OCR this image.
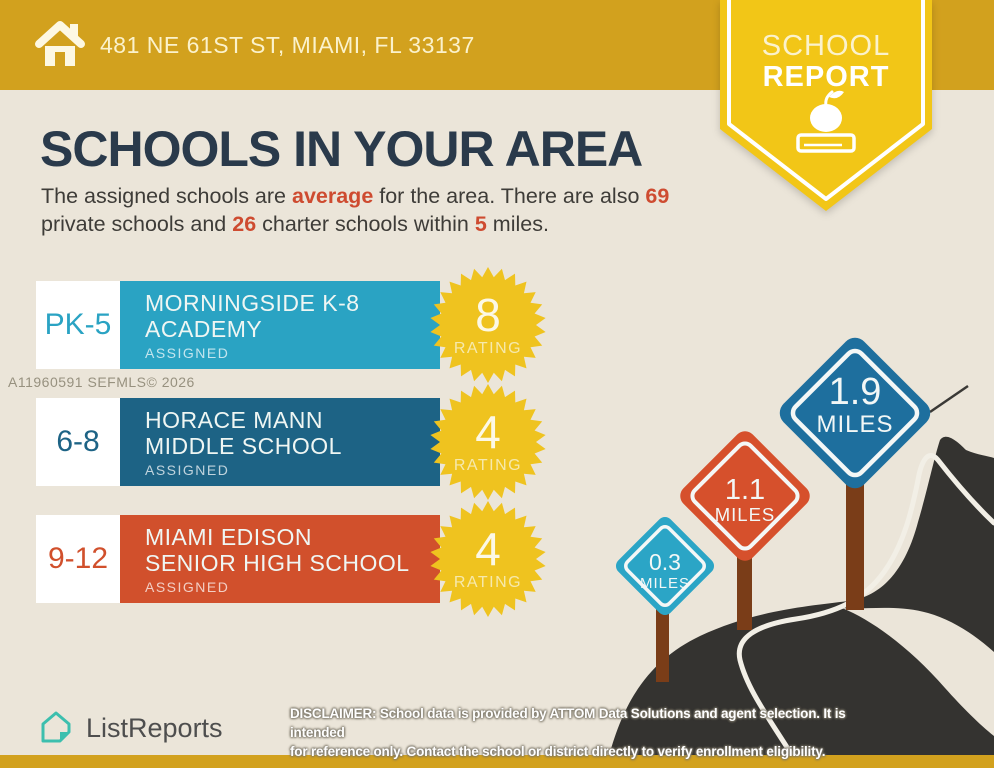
0.3
MILES
1.1
MILES
1.9
MILES
481 NE 61ST ST, MIAMI, FL 33137	SCHOOL
REPORT
SCHOOLS IN YOUR AREA
The assigned schools are average for the area. There are also 69
private schools and 26 charter schools within 5 miles.
A11960591 SEFMLS© 2026
PK-5
MORNINGSIDE K-8 ACADEMY
ASSIGNED
8
RATING
6-8
HORACE MANN MIDDLE SCHOOL
ASSIGNED
4
RATING
9-12
MIAMI EDISON SENIOR HIGH SCHOOL
ASSIGNED
4
RATING
ListReports	DISCLAIMER: School data is provided by ATTOM Data Solutions and agent selection. It is intended
for reference only. Contact the school or district directly to verify enrollment eligibility.
